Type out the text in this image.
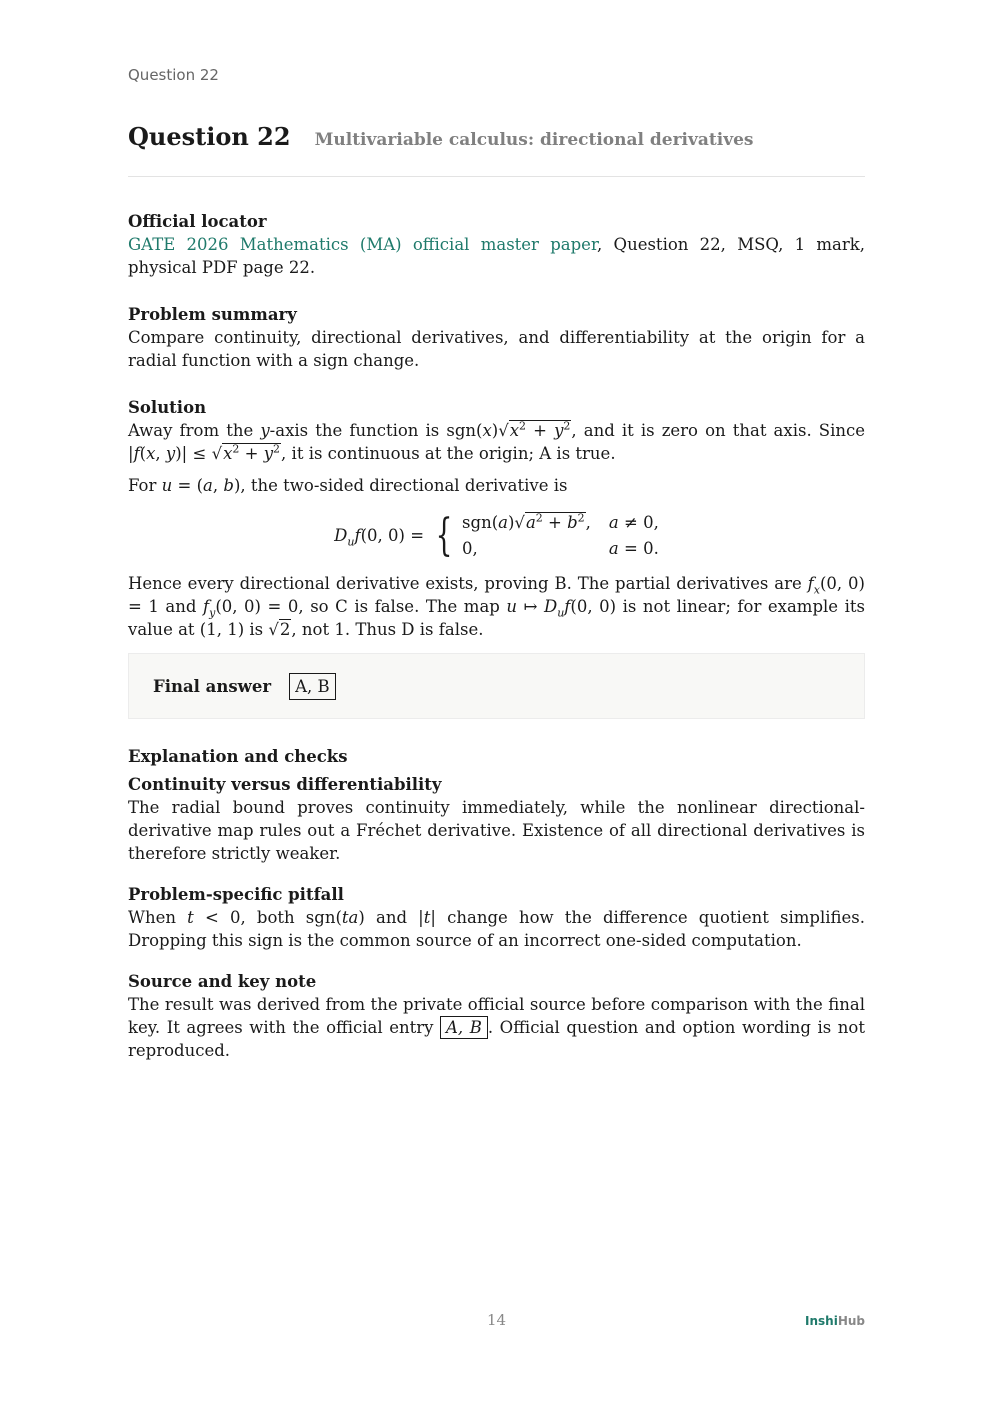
Question 22
Question 22 Multivariable calculus: directional derivatives
Official locator

GATE 2026 Mathematics (MA) official master paper, Question 22, MSQ, 1 mark, physical PDF page 22.

Problem summary

Compare continuity, directional derivatives, and differentiability at the origin for a radial function with a sign change.

Solution

Away from the y-axis the function is $sgn(x)√x^2 + y^2$, and it is zero on that axis. Since |f(x, $y)| \le √x^2 + y^2$, it is continuous at the origin; A is true.

For u = (a, b), the two-sided directional derivative is

$D_uf(0$, 0) = { $sgn(a)√a^2 + b^2$, a ≠ 0,
0,	a = 0.

Hence every directional derivative exists, proving B. The partial derivatives are $f_x(0$, 0) = 1 and $f_y(0$, 0) = 0, so C is false. The map u ↦ $D_uf(0$, 0) is not linear; for example its value at (1, 1) is √2, not 1. Thus D is false.

Final answer	A, B
Explanation and checks
Continuity versus differentiability

The radial bound proves continuity immediately, while the nonlinear directional-derivative map rules out a Fréchet derivative. Existence of all directional derivatives is therefore strictly weaker.

Problem-specific pitfall

When t < 0, both sgn(ta) and |t| change how the difference quotient simplifies. Dropping this sign is the common source of an incorrect one-sided computation.

Source and key note

The result was derived from the private official source before comparison with the final key. It agrees with the official entry A, B . Official question and option wording is not reproduced.

14	InshiHub
